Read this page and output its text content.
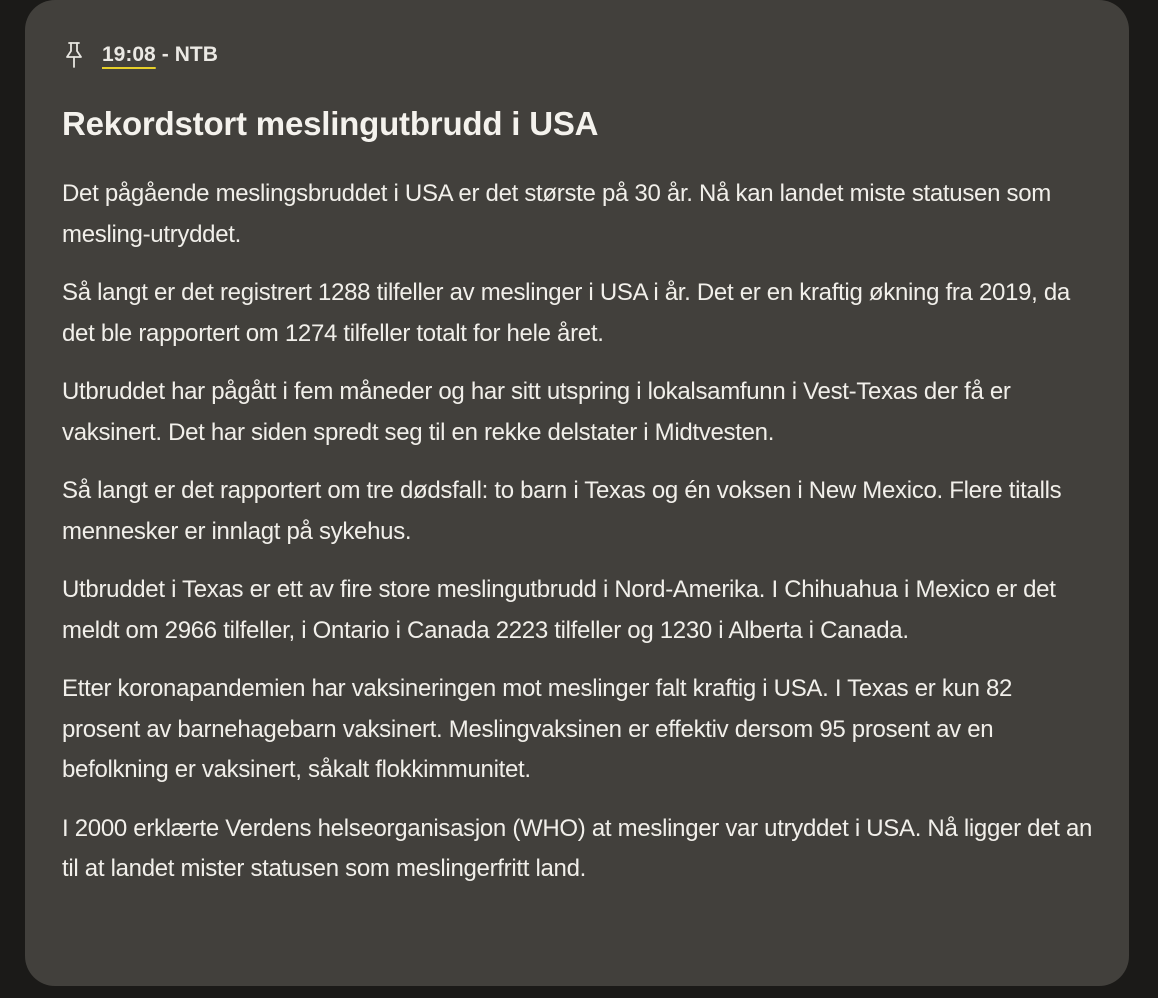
19:08 - NTB
Rekordstort meslingutbrudd i USA

Det pågående meslingsbruddet i USA er det største på 30 år. Nå kan landet miste statusen som mesling-utryddet.

Så langt er det registrert 1288 tilfeller av meslinger i USA i år. Det er en kraftig økning fra 2019, da det ble rapportert om 1274 tilfeller totalt for hele året.

Utbruddet har pågått i fem måneder og har sitt utspring i lokalsamfunn i Vest-Texas der få er vaksinert. Det har siden spredt seg til en rekke delstater i Midtvesten.

Så langt er det rapportert om tre dødsfall: to barn i Texas og én voksen i New Mexico. Flere titalls mennesker er innlagt på sykehus.

Utbruddet i Texas er ett av fire store meslingutbrudd i Nord-Amerika. I Chihuahua i Mexico er det meldt om 2966 tilfeller, i Ontario i Canada 2223 tilfeller og 1230 i Alberta i Canada.

Etter koronapandemien har vaksineringen mot meslinger falt kraftig i USA. I Texas er kun 82 prosent av barnehagebarn vaksinert. Meslingvaksinen er effektiv dersom 95 prosent av en befolkning er vaksinert, såkalt flokkimmunitet.

I 2000 erklærte Verdens helseorganisasjon (WHO) at meslinger var utryddet i USA. Nå ligger det an til at landet mister statusen som meslingerfritt land.
